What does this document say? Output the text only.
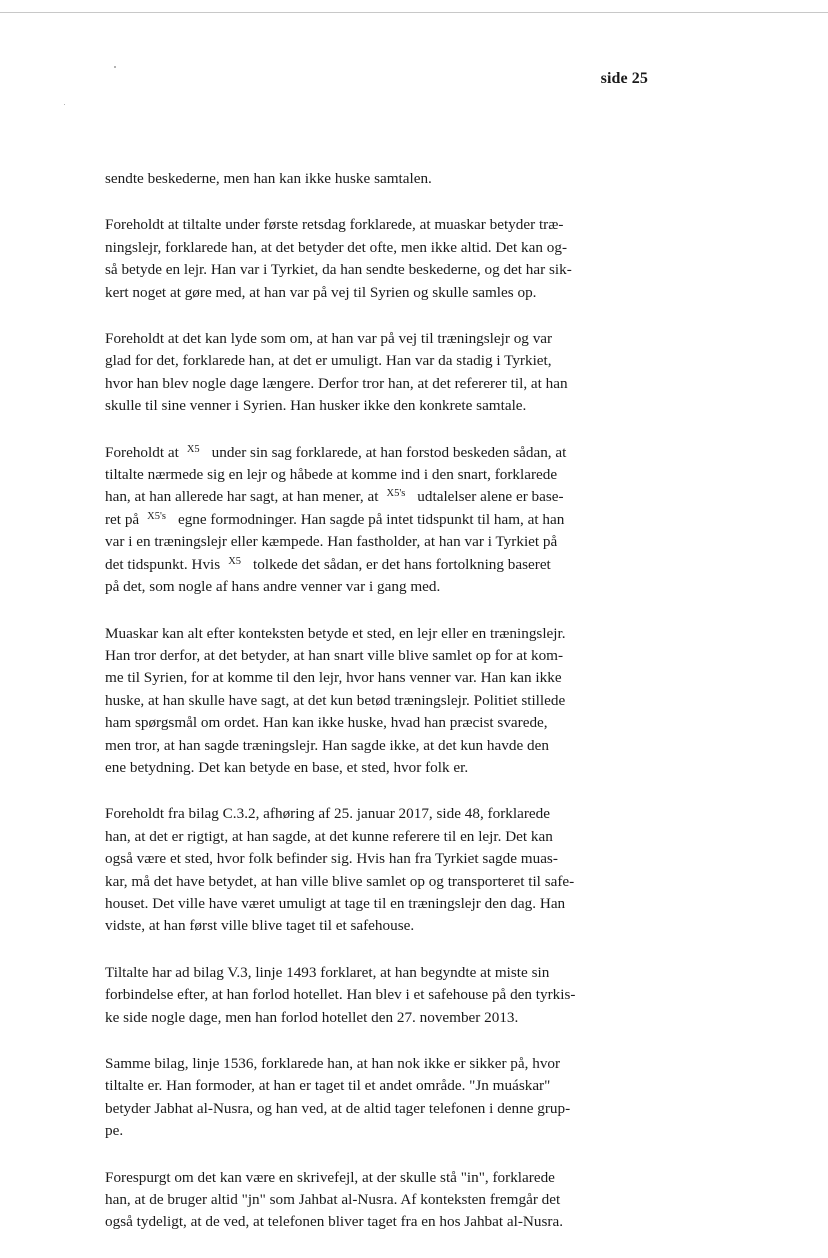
side 25

sendte beskederne, men han kan ikke huske samtalen.

Foreholdt at tiltalte under første retsdag forklarede, at muaskar betyder træ-
ningslejr, forklarede han, at det betyder det ofte, men ikke altid. Det kan og-
så betyde en lejr. Han var i Tyrkiet, da han sendte beskederne, og det har sik-
kert noget at gøre med, at han var på vej til Syrien og skulle samles op.

Foreholdt at det kan lyde som om, at han var på vej til træningslejr og var
glad for det, forklarede han, at det er umuligt. Han var da stadig i Tyrkiet,
hvor han blev nogle dage længere. Derfor tror han, at det refererer til, at han
skulle til sine venner i Syrien. Han husker ikke den konkrete samtale.

Foreholdt at $^{X5}$ under sin sag forklarede, at han forstod beskeden sådan, at
tiltalte nærmede sig en lejr og håbede at komme ind i den snart, forklarede
han, at han allerede har sagt, at han mener, at $^{X5's}$ udtalelser alene er base-
ret på $^{X5's}$ egne formodninger. Han sagde på intet tidspunkt til ham, at han
var i en træningslejr eller kæmpede. Han fastholder, at han var i Tyrkiet på
det tidspunkt. Hvis $^{X5}$ tolkede det sådan, er det hans fortolkning baseret
på det, som nogle af hans andre venner var i gang med.

Muaskar kan alt efter konteksten betyde et sted, en lejr eller en træningslejr.
Han tror derfor, at det betyder, at han snart ville blive samlet op for at kom-
me til Syrien, for at komme til den lejr, hvor hans venner var. Han kan ikke
huske, at han skulle have sagt, at det kun betød træningslejr. Politiet stillede
ham spørgsmål om ordet. Han kan ikke huske, hvad han præcist svarede,
men tror, at han sagde træningslejr. Han sagde ikke, at det kun havde den
ene betydning. Det kan betyde en base, et sted, hvor folk er.

Foreholdt fra bilag C.3.2, afhøring af 25. januar 2017, side 48, forklarede
han, at det er rigtigt, at han sagde, at det kunne referere til en lejr. Det kan
også være et sted, hvor folk befinder sig. Hvis han fra Tyrkiet sagde muas-
kar, må det have betydet, at han ville blive samlet op og transporteret til safe-
houset. Det ville have været umuligt at tage til en træningslejr den dag. Han
vidste, at han først ville blive taget til et safehouse.

Tiltalte har ad bilag V.3, linje 1493 forklaret, at han begyndte at miste sin
forbindelse efter, at han forlod hotellet. Han blev i et safehouse på den tyrkis-
ke side nogle dage, men han forlod hotellet den 27. november 2013.

Samme bilag, linje 1536, forklarede han, at han nok ikke er sikker på, hvor
tiltalte er. Han formoder, at han er taget til et andet område. "Jn muáskar"
betyder Jabhat al-Nusra, og han ved, at de altid tager telefonen i denne grup-
pe.

Forespurgt om det kan være en skrivefejl, at der skulle stå "in", forklarede
han, at de bruger altid "jn" som Jahbat al-Nusra. Af konteksten fremgår det
også tydeligt, at de ved, at telefonen bliver taget fra en hos Jahbat al-Nusra.
